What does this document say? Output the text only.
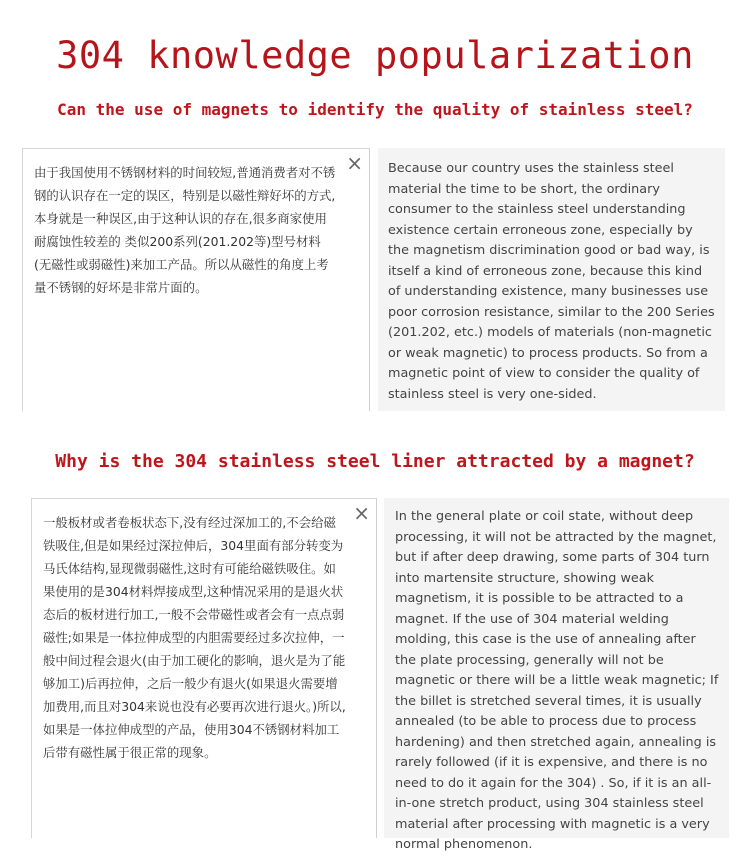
304 knowledge popularization
Can the use of magnets to identify the quality of stainless steel?
由于我国使用不锈钢材料的时间较短,普通消费者对不锈钢的认识存在一定的误区，特别是以磁性辩好坏的方式,本身就是一种误区,由于这种认识的存在,很多商家使用耐腐蚀性较差的 类似200系列(201.202等)型号材料(无磁性或弱磁性)来加工产品。所以从磁性的角度上考量不锈钢的好坏是非常片面的。
× Because our country uses the stainless steel material the time to be short, the ordinary consumer to the stainless steel understanding existence certain erroneous zone, especially by the magnetism discrimination good or bad way, is itself a kind of erroneous zone, because this kind of understanding existence, many businesses use poor corrosion resistance, similar to the 200 Series (201.202, etc.) models of materials (non-magnetic or weak magnetic) to process products. So from a magnetic point of view to consider the quality of stainless steel is very one-sided.
Why is the 304 stainless steel liner attracted by a magnet?
一般板材或者卷板状态下,没有经过深加工的,不会给磁铁吸住,但是如果经过深拉伸后，304里面有部分转变为马氏体结构,显现微弱磁性,这时有可能给磁铁吸住。如果使用的是304材料焊接成型,这种情况采用的是退火状态后的板材进行加工,一般不会带磁性或者会有一点点弱磁性;如果是一体拉伸成型的内胆需要经过多次拉伸，一般中间过程会退火(由于加工硬化的影响，退火是为了能够加工)后再拉伸，之后一般少有退火(如果退火需要增加费用,而且对304来说也没有必要再次进行退火。)所以,如果是一体拉伸成型的产品，使用304不锈钢材料加工后带有磁性属于很正常的现象。
× In the general plate or coil state, without deep processing, it will not be attracted by the magnet, but if after deep drawing, some parts of 304 turn into martensite structure, showing weak magnetism, it is possible to be attracted to a magnet. If the use of 304 material welding molding, this case is the use of annealing after the plate processing, generally will not be magnetic or there will be a little weak magnetic; If the billet is stretched several times, it is usually annealed (to be able to process due to process hardening) and then stretched again, annealing is rarely followed (if it is expensive, and there is no need to do it again for the 304) . So, if it is an all-in-one stretch product, using 304 stainless steel material after processing with magnetic is a very normal phenomenon.
